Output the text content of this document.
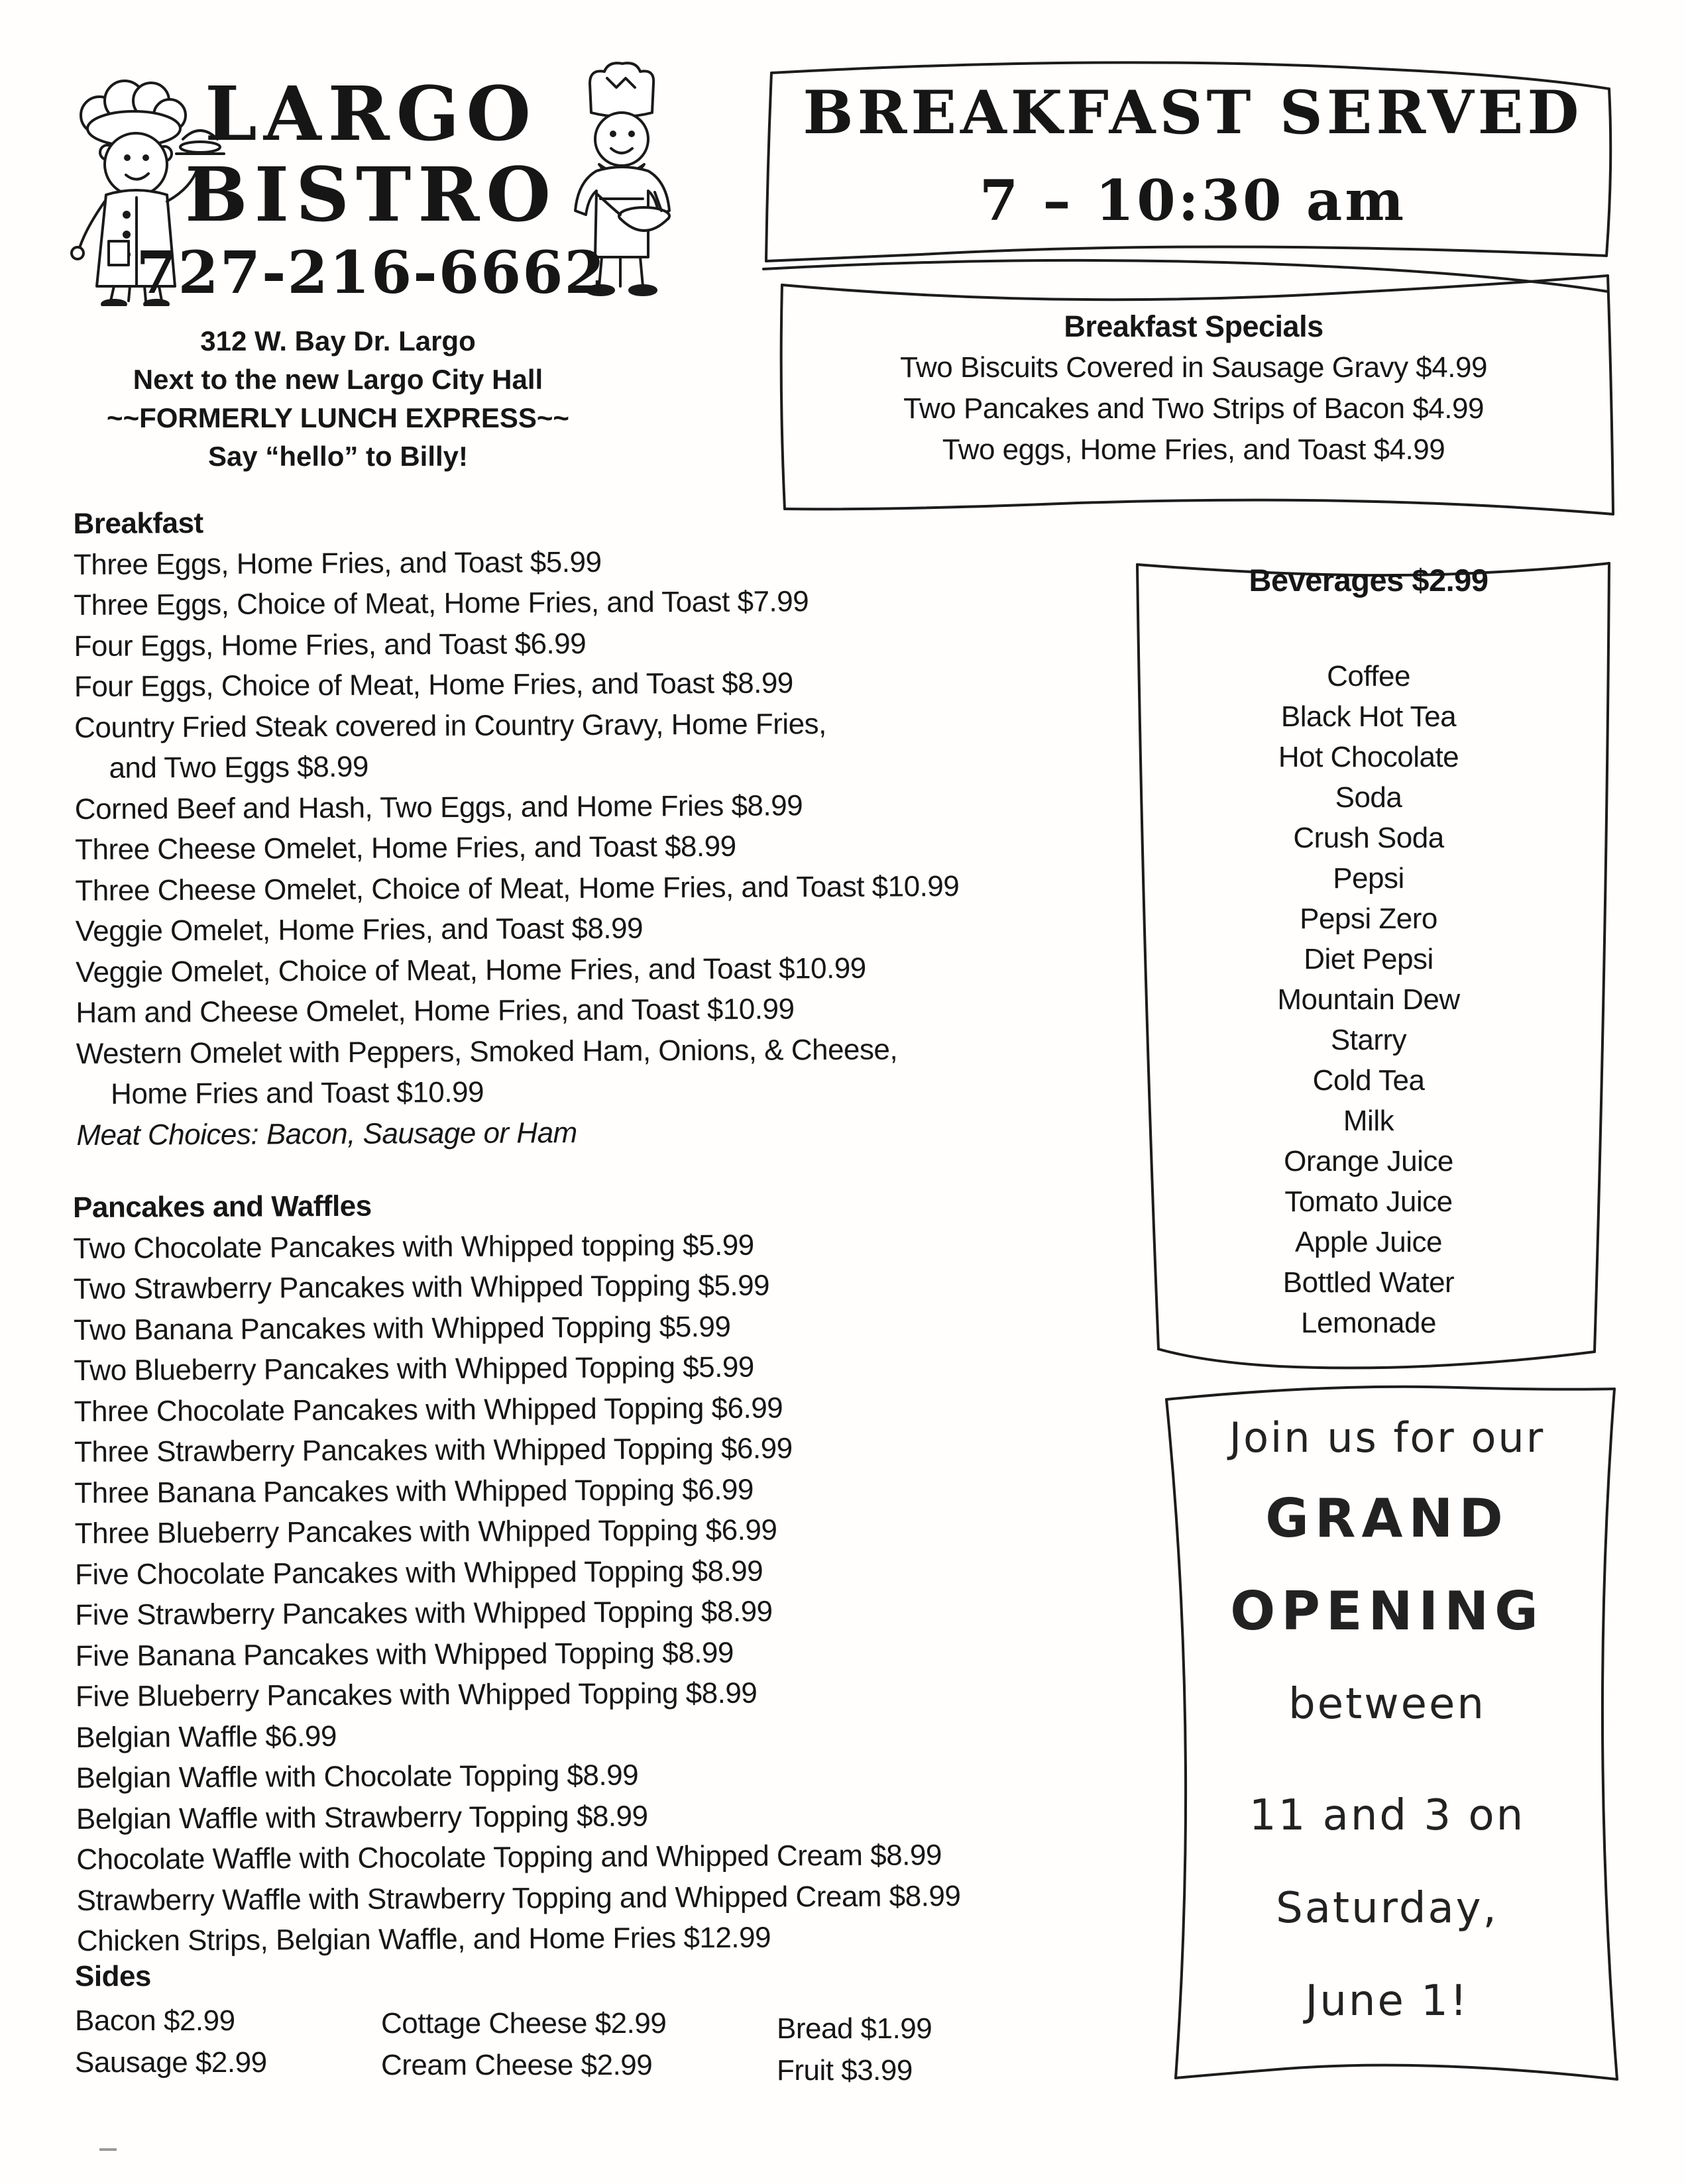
LARGO
BISTRO
727-216-6662
312 W. Bay Dr. Largo
Next to the new Largo City Hall
~~FORMERLY LUNCH EXPRESS~~
Say “hello” to Billy!
BREAKFAST SERVED
7 – 10:30 am
Breakfast Specials
Two Biscuits Covered in Sausage Gravy $4.99
Two Pancakes and Two Strips of Bacon $4.99
Two eggs, Home Fries, and Toast $4.99
Breakfast
Three Eggs, Home Fries, and Toast $5.99
Three Eggs, Choice of Meat, Home Fries, and Toast $7.99
Four Eggs, Home Fries, and Toast $6.99
Four Eggs, Choice of Meat, Home Fries, and Toast $8.99
Country Fried Steak covered in Country Gravy, Home Fries,
and Two Eggs $8.99
Corned Beef and Hash, Two Eggs, and Home Fries $8.99
Three Cheese Omelet, Home Fries, and Toast $8.99
Three Cheese Omelet, Choice of Meat, Home Fries, and Toast $10.99
Veggie Omelet, Home Fries, and Toast $8.99
Veggie Omelet, Choice of Meat, Home Fries, and Toast $10.99
Ham and Cheese Omelet, Home Fries, and Toast $10.99
Western Omelet with Peppers, Smoked Ham, Onions, & Cheese,
Home Fries and Toast $10.99
Meat Choices: Bacon, Sausage or Ham
Pancakes and Waffles
Two Chocolate Pancakes with Whipped topping $5.99
Two Strawberry Pancakes with Whipped Topping $5.99
Two Banana Pancakes with Whipped Topping $5.99
Two Blueberry Pancakes with Whipped Topping $5.99
Three Chocolate Pancakes with Whipped Topping $6.99
Three Strawberry Pancakes with Whipped Topping $6.99
Three Banana Pancakes with Whipped Topping $6.99
Three Blueberry Pancakes with Whipped Topping $6.99
Five Chocolate Pancakes with Whipped Topping $8.99
Five Strawberry Pancakes with Whipped Topping $8.99
Five Banana Pancakes with Whipped Topping $8.99
Five Blueberry Pancakes with Whipped Topping $8.99
Belgian Waffle $6.99
Belgian Waffle with Chocolate Topping $8.99
Belgian Waffle with Strawberry Topping $8.99
Chocolate Waffle with Chocolate Topping and Whipped Cream $8.99
Strawberry Waffle with Strawberry Topping and Whipped Cream $8.99
Chicken Strips, Belgian Waffle, and Home Fries $12.99
Sides
Bacon $2.99
Sausage $2.99
Cottage Cheese $2.99
Cream Cheese $2.99
Bread $1.99
Fruit $3.99
Beverages $2.99
Coffee
Black Hot Tea
Hot Chocolate
Soda
Crush Soda
Pepsi
Pepsi Zero
Diet Pepsi
Mountain Dew
Starry
Cold Tea
Milk
Orange Juice
Tomato Juice
Apple Juice
Bottled Water
Lemonade
Join us for our
GRAND
OPENING
between
11 and 3 on
Saturday,
June 1!
